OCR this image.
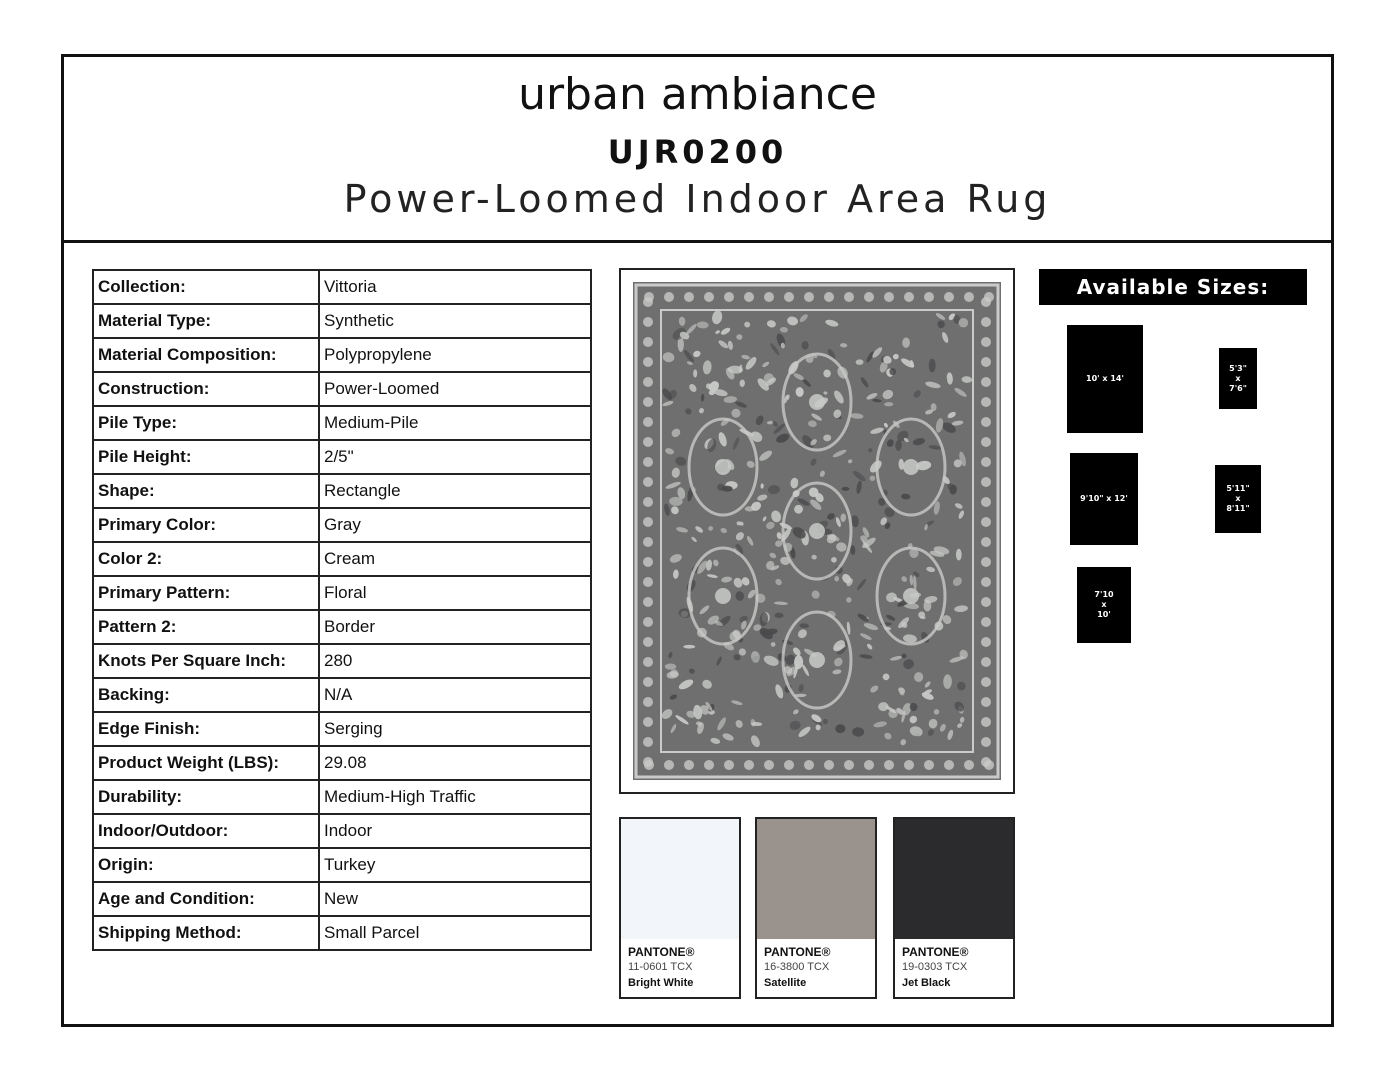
urban ambiance
UJR0200
Power-Loomed Indoor Area Rug
Collection:	Vittoria
Material Type:	Synthetic
Material Composition:	Polypropylene
Construction:	Power-Loomed
Pile Type:	Medium-Pile
Pile Height:	2/5"
Shape:	Rectangle
Primary Color:	Gray
Color 2:	Cream
Primary Pattern:	Floral
Pattern 2:	Border
Knots Per Square Inch:	280
Backing:	N/A
Edge Finish:	Serging
Product Weight (LBS):	29.08
Durability:	Medium-High Traffic
Indoor/Outdoor:	Indoor
Origin:	Turkey
Age and Condition:	New
Shipping Method:	Small Parcel
PANTONE®
11-0601 TCX
Bright White
PANTONE®
16-3800 TCX
Satellite
PANTONE®
19-0303 TCX
Jet Black
Available Sizes:
10' x 14'
5'3"
x
7'6"
9'10" x 12'
5'11"
x
8'11"
7'10
x
10'
